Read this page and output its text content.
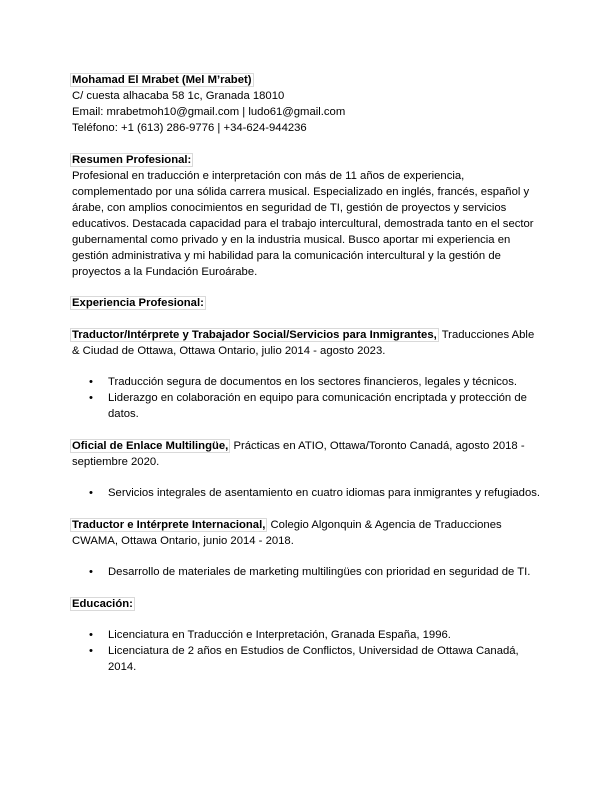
Mohamad El Mrabet (Mel M’rabet)

C/ cuesta alhacaba 58 1c, Granada 18010

Email: mrabetmoh10@gmail.com | ludo61@gmail.com

Teléfono: +1 (613) 286-9776 | +34-624-944236

Resumen Profesional:

Profesional en traducción e interpretación con más de 11 años de experiencia, complementado por una sólida carrera musical. Especializado en inglés, francés, español y árabe, con amplios conocimientos en seguridad de TI, gestión de proyectos y servicios educativos. Destacada capacidad para el trabajo intercultural, demostrada tanto en el sector gubernamental como privado y en la industria musical. Busco aportar mi experiencia en gestión administrativa y mi habilidad para la comunicación intercultural y la gestión de proyectos a la Fundación Euroárabe.

Experiencia Profesional:

Traductor/Intérprete y Trabajador Social/Servicios para Inmigrantes, Traducciones Able & Ciudad de Ottawa, Ottawa Ontario, julio 2014 - agosto 2023.

• Traducción segura de documentos en los sectores financieros, legales y técnicos.
• Liderazgo en colaboración en equipo para comunicación encriptada y protección de datos.

Oficial de Enlace Multilingüe, Prácticas en ATIO, Ottawa/Toronto Canadá, agosto 2018 - septiembre 2020.

• Servicios integrales de asentamiento en cuatro idiomas para inmigrantes y refugiados.

Traductor e Intérprete Internacional, Colegio Algonquin & Agencia de Traducciones CWAMA, Ottawa Ontario, junio 2014 - 2018.

• Desarrollo de materiales de marketing multilingües con prioridad en seguridad de TI.

Educación:

• Licenciatura en Traducción e Interpretación, Granada España, 1996.
• Licenciatura de 2 años en Estudios de Conflictos, Universidad de Ottawa Canadá, 2014.
